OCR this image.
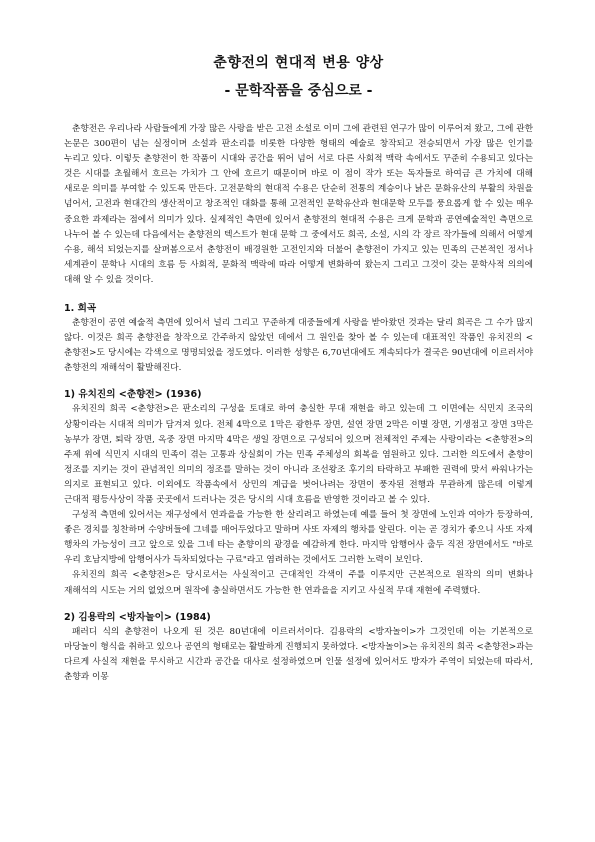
춘향전의 현대적 변용 양상
- 문학작품을 중심으로 -

춘향전은 우리나라 사람들에게 가장 많은 사랑을 받은 고전 소설로 이미 그에 관련된 연구가 많이 이루어져 왔고, 그에 관한 논문은 300편이 넘는 실정이며 소설과 판소리를 비롯한 다양한 형태의 예술로 창작되고 전승되면서 가장 많은 인기를 누리고 있다. 이렇듯 춘향전이 한 작품이 시대와 공간을 뛰어 넘어 서로 다른 사회적 맥락 속에서도 꾸준히 수용되고 있다는 것은 시대를 초월해서 흐르는 가치가 그 안에 흐르기 때문이며 바로 이 점이 작가 또는 독자들로 하여금 큰 가치에 대해 새로운 의미를 부여할 수 있도록 만든다. 고전문학의 현대적 수용은 단순히 전통의 계승이나 낡은 문화유산의 부활의 차원을 넘어서, 고전과 현대간의 생산적이고 창조적인 대화를 통해 고전적인 문학유산과 현대문학 모두를 풍요롭게 할 수 있는 매우 중요한 과제라는 점에서 의미가 있다. 실제적인 측면에 있어서 춘향전의 현대적 수용은 크게 문학과 공연예술적인 측면으로 나누어 볼 수 있는데 다음에서는 춘향전의 텍스트가 현대 문학 그 중에서도 희곡, 소설, 시의 각 장르 작가들에 의해서 어떻게 수용, 해석 되었는지를 살펴봄으로서 춘향전이 배경원한 고전인지와 더불어 춘향전이 가지고 있는 민족의 근본적인 정서나 세계관이 문학나 시대의 흐름 등 사회적, 문화적 맥락에 따라 어떻게 변화하여 왔는지 그리고 그것이 갖는 문학사적 의의에 대해 알 수 있을 것이다.

1. 희곡

춘향전이 공연 예술적 측면에 있어서 널리 그리고 꾸준하게 대중들에게 사랑을 받아왔던 것과는 달리 희곡은 그 수가 많지 않다. 이것은 희곡 춘향전을 창작으로 간주하지 않았던 데에서 그 원인을 찾아 볼 수 있는데 대표적인 작품인 유치진의 <춘향전>도 당시에는 각색으로 명명되었을 정도였다. 이러한 성향은 6,70년대에도 계속되다가 결국은 90년대에 이르러서야 춘향전의 재해석이 활발해진다.

1) 유치진의 <춘향전> (1936)

유치진의 희곡 <춘향전>은 판소리의 구성을 토대로 하여 충실한 무대 재현을 하고 있는데 그 이면에는 식민지 조국의 상황이라는 시대적 의미가 담겨져 있다. 전체 4막으로 1막은 광한루 장면, 설연 장면 2막은 이별 장면, 기생점고 장면 3막은 농부가 장면, 퇴락 장면, 옥중 장면 마지막 4막은 생일 장면으로 구성되어 있으며 전체적인 주제는 사랑이라는 <춘향전>의 주제 위에 식민지 시대의 민족이 겪는 고통과 상실회이 가는 민족 주체성의 회복을 염원하고 있다. 그러한 의도에서 춘향이 정조를 지키는 것이 관념적인 의미의 정조를 말하는 것이 아니라 조선왕조 후기의 타락하고 부패한 권력에 맞서 싸워나가는 의지로 표현되고 있다. 이외에도 작품속에서 상민의 계급을 벗어나려는 장면이 풍자된 전행과 무관하게 많은데 이렇게 근대적 평등사상이 작품 곳곳에서 드러나는 것은 당시의 시대 흐름을 반영한 것이라고 볼 수 있다.

구성적 측면에 있어서는 재구성에서 연과을을 가능한 한 살리려고 하였는데 예를 들어 첫 장면에 노인과 여아가 등장하여, 좋은 경치를 칭찬하며 수양버들에 그네를 매어두었다고 말하며 사또 자제의 행차를 알린다. 이는 곧 경치가 좋으니 사또 자제 행차의 가능성이 크고 앞으로 있을 그네 타는 춘향이의 광경을 예감하게 한다. 마지막 암행어사 출두 직전 장면에서도 "바로 우리 호남지방에 암행어사가 득차되었다는 구료"라고 염려하는 것에서도 그러한 노력이 보인다.

유치진의 희곡 <춘향전>은 당시로서는 사실적이고 근대적인 각색이 주를 이루지만 근본적으로 원작의 의미 변화나 재해석의 시도는 거의 없었으며 원작에 충실하면서도 가능한 한 연과을을 지키고 사실적 무대 재현에 주력했다.

2) 김용락의 <방자놀이> (1984)

패러디 식의 춘향전이 나오게 된 것은 80년대에 이르러서이다. 김용락의 <방자놀이>가 그것인데 이는 기본적으로 마당놀이 형식을 취하고 있으나 공연의 형태로는 활발하게 진행되지 못하였다. <방자놀이>는 유치진의 희곡 <춘향전>과는 다르게 사실적 재현을 무시하고 시간과 공간을 대사로 설정하였으며 인물 설정에 있어서도 방자가 주역이 되었는데 따라서, 춘향과 이몽
